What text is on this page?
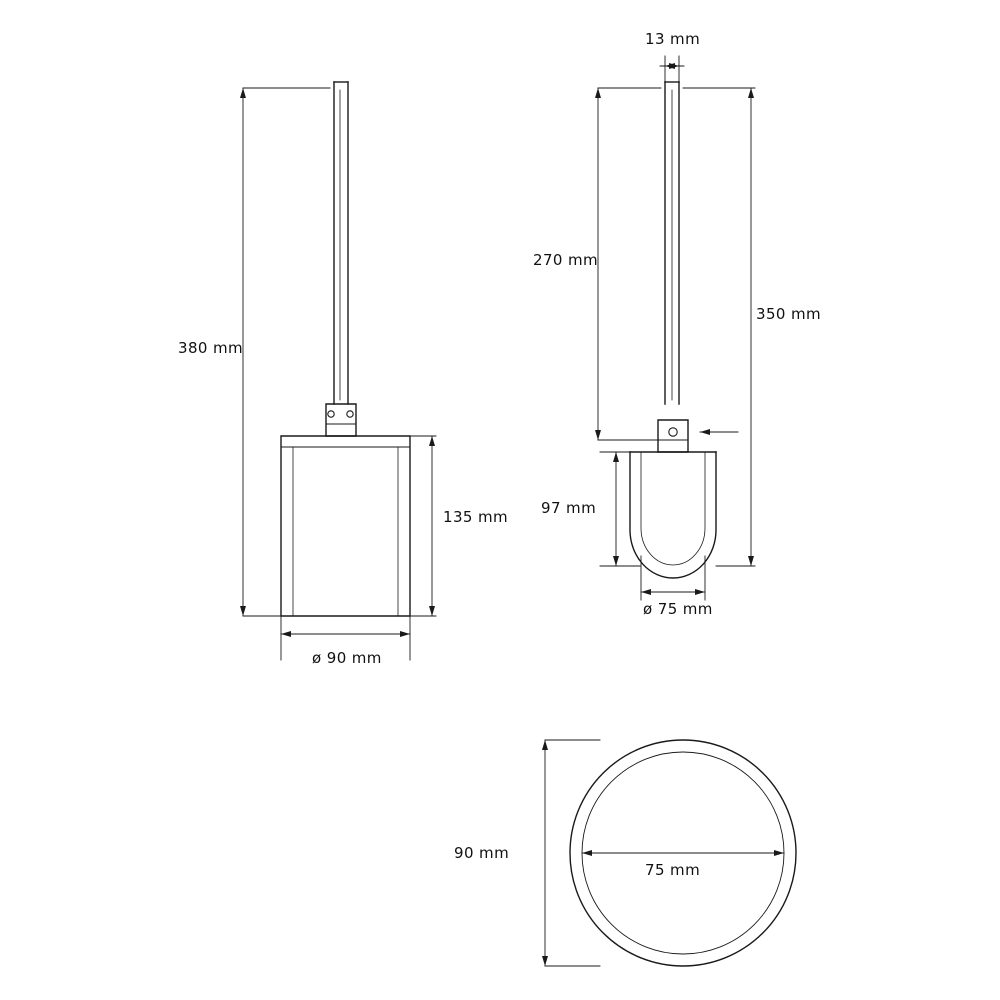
380 mm
135 mm
ø 90 mm
13 mm
270 mm
350 mm
97 mm
ø 75 mm
90 mm
75 mm
